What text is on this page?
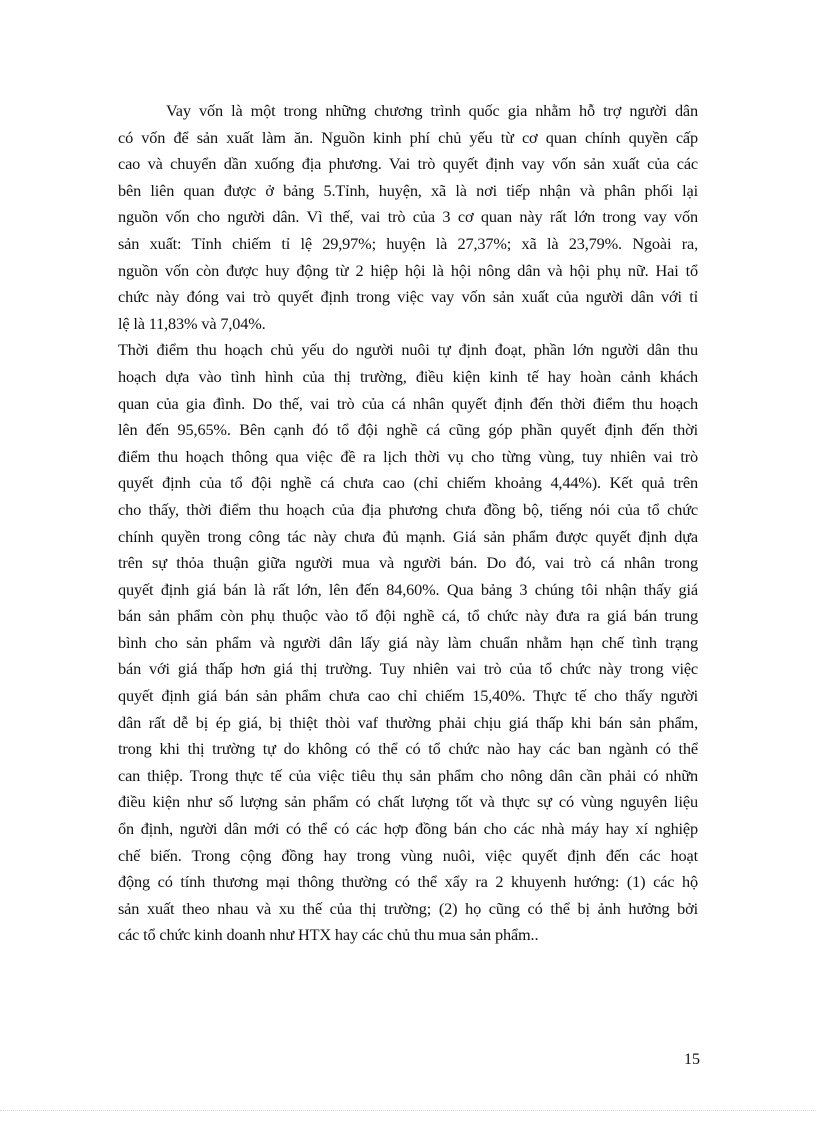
Vay vốn là một trong những chương trình quốc gia nhằm hỗ trợ người dân
có vốn để sản xuất làm ăn. Nguồn kinh phí chủ yếu từ cơ quan chính quyền cấp
cao và chuyển dần xuống địa phương. Vai trò quyết định vay vốn sản xuất của các
bên liên quan được ở bảng 5.Tỉnh, huyện, xã là nơi tiếp nhận và phân phối lại
nguồn vốn cho người dân. Vì thế, vai trò của 3 cơ quan này rất lớn trong vay vốn
sản xuất: Tỉnh chiếm tỉ lệ 29,97%; huyện là 27,37%; xã là 23,79%. Ngoài ra,
nguồn vốn còn được huy động từ 2 hiệp hội là hội nông dân và hội phụ nữ. Hai tổ
chức này đóng vai trò quyết định trong việc vay vốn sản xuất của người dân với tỉ
lệ là 11,83% và 7,04%.
Thời điểm thu hoạch chủ yếu do người nuôi tự định đoạt, phần lớn người dân thu
hoạch dựa vào tình hình của thị trường, điều kiện kinh tế hay hoàn cảnh khách
quan của gia đình. Do thế, vai trò của cá nhân quyết định đến thời điểm thu hoạch
lên đến 95,65%. Bên cạnh đó tổ đội nghề cá cũng góp phần quyết định đến thời
điểm thu hoạch thông qua việc đề ra lịch thời vụ cho từng vùng, tuy nhiên vai trò
quyết định của tổ đội nghề cá chưa cao (chỉ chiếm khoảng 4,44%). Kết quả trên
cho thấy, thời điểm thu hoạch của địa phương chưa đồng bộ, tiếng nói của tổ chức
chính quyền trong công tác này chưa đủ mạnh. Giá sản phẩm được quyết định dựa
trên sự thỏa thuận giữa người mua và người bán. Do đó, vai trò cá nhân trong
quyết định giá bán là rất lớn, lên đến 84,60%. Qua bảng 3 chúng tôi nhận thấy giá
bán sản phẩm còn phụ thuộc vào tổ đội nghề cá, tổ chức này đưa ra giá bán trung
bình cho sản phẩm và người dân lấy giá này làm chuẩn nhằm hạn chế tình trạng
bán với giá thấp hơn giá thị trường. Tuy nhiên vai trò của tổ chức này trong việc
quyết định giá bán sản phẩm chưa cao chỉ chiếm 15,40%. Thực tế cho thấy người
dân rất dễ bị ép giá, bị thiệt thòi vaf thường phải chịu giá thấp khi bán sản phẩm,
trong khi thị trường tự do không có thể có tổ chức nào hay các ban ngành có thể
can thiệp. Trong thực tế của việc tiêu thụ sản phẩm cho nông dân cần phải có nhữn
điều kiện như số lượng sản phẩm có chất lượng tốt và thực sự có vùng nguyên liệu
ổn định, người dân mới có thể có các hợp đồng bán cho các nhà máy hay xí nghiệp
chế biến. Trong cộng đồng hay trong vùng nuôi, việc quyết định đến các hoạt
động có tính thương mại thông thường có thể xẩy ra 2 khuyenh hướng: (1) các hộ
sản xuất theo nhau và xu thế của thị trường; (2) họ cũng có thể bị ảnh hưởng bởi
các tổ chức kinh doanh như HTX hay các chủ thu mua sản phẩm..
15
